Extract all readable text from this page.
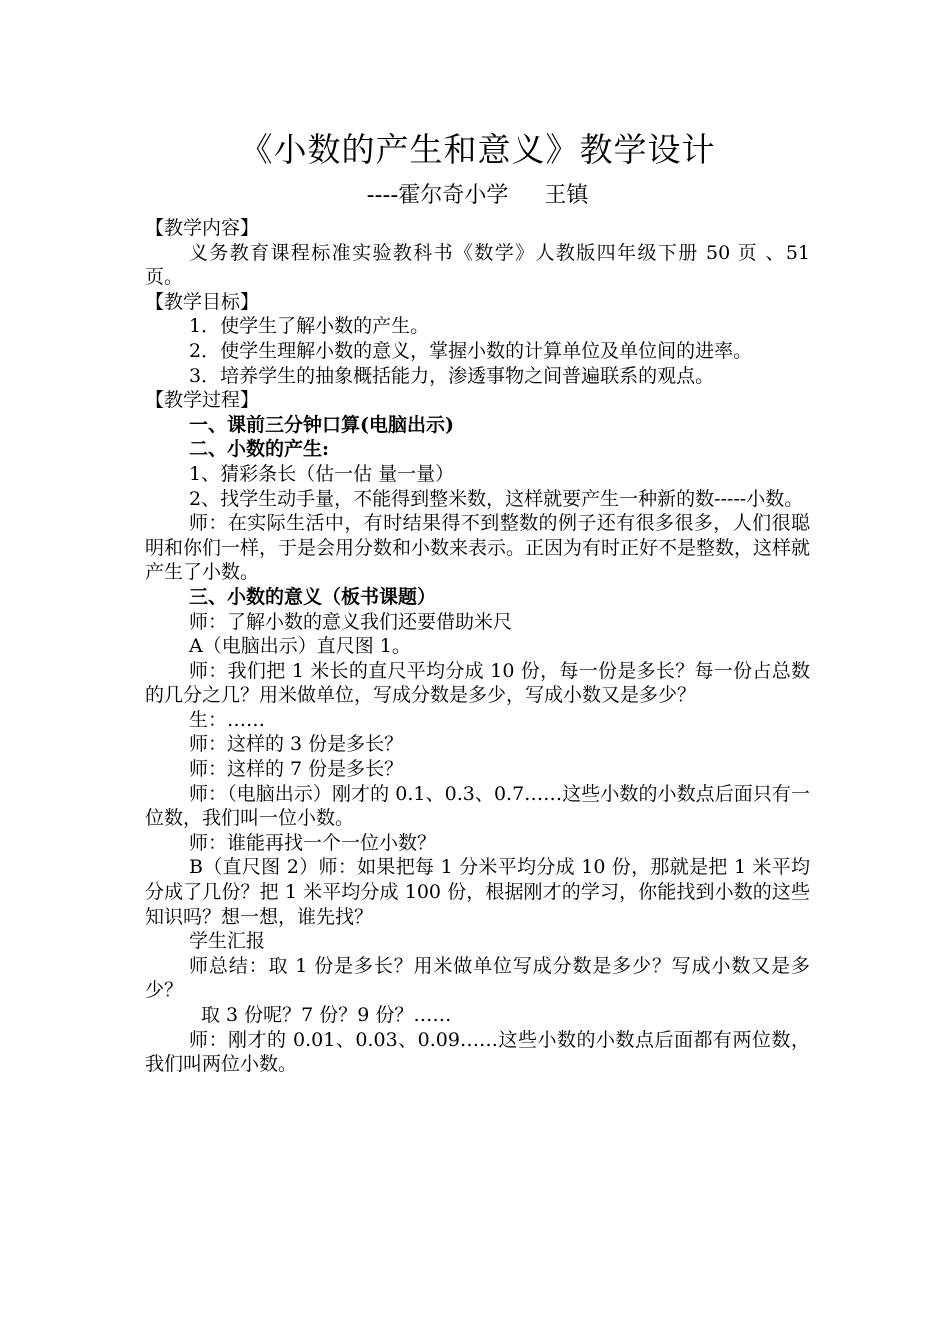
《小数的产生和意义》教学设计

----霍尔奇小学 王镇

【教学内容】

义务教育课程标准实验教科书《数学》人教版四年级下册 50 页 、51 页。

【教学目标】

1．使学生了解小数的产生。

2．使学生理解小数的意义，掌握小数的计算单位及单位间的进率。

3．培养学生的抽象概括能力，渗透事物之间普遍联系的观点。

【教学过程】

一、课前三分钟口算(电脑出示)

二、小数的产生:

1、猜彩条长（估一估 量一量）

2、找学生动手量，不能得到整米数，这样就要产生一种新的数-----小数。

师：在实际生活中，有时结果得不到整数的例子还有很多很多，人们很聪明和你们一样，于是会用分数和小数来表示。正因为有时正好不是整数，这样就产生了小数。

三、小数的意义（板书课题）

师：了解小数的意义我们还要借助米尺

A（电脑出示）直尺图 1。

师：我们把 1 米长的直尺平均分成 10 份，每一份是多长？每一份占总数的几分之几？用米做单位，写成分数是多少，写成小数又是多少？

生：……

师：这样的 3 份是多长？

师：这样的 7 份是多长？

师：（电脑出示）刚才的 0.1、0.3、0.7……这些小数的小数点后面只有一位数，我们叫一位小数。

师：谁能再找一个一位小数？

B（直尺图 2）师：如果把每 1 分米平均分成 10 份，那就是把 1 米平均分成了几份？把 1 米平均分成 100 份，根据刚才的学习，你能找到小数的这些知识吗？想一想，谁先找？

学生汇报

师总结：取 1 份是多长？用米做单位写成分数是多少？写成小数又是多少？

取 3 份呢？7 份？9 份？……

师：刚才的 0.01、0.03、0.09……这些小数的小数点后面都有两位数，我们叫两位小数。
